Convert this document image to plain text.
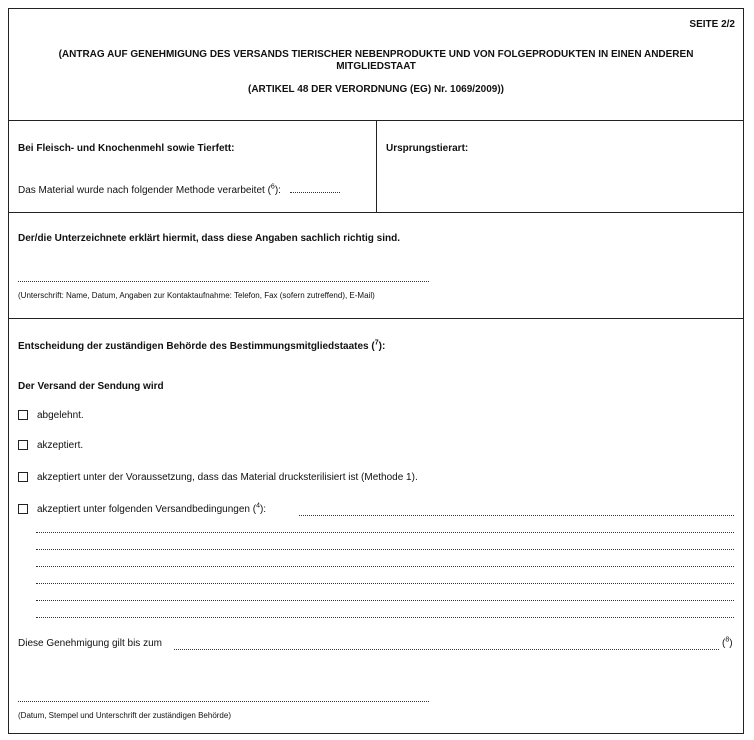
SEITE 2/2
(ANTRAG AUF GENEHMIGUNG DES VERSANDS TIERISCHER NEBENPRODUKTE UND VON FOLGEPRODUKTEN IN EINEN ANDEREN
MITGLIEDSTAAT
(ARTIKEL 48 DER VERORDNUNG (EG) Nr. 1069/2009))
Bei Fleisch- und Knochenmehl sowie Tierfett:
Das Material wurde nach folgender Methode verarbeitet ($^6$):
Ursprungstierart:
Der/die Unterzeichnete erklärt hiermit, dass diese Angaben sachlich richtig sind.
(Unterschrift: Name, Datum, Angaben zur Kontaktaufnahme: Telefon, Fax (sofern zutreffend), E-Mail)
Entscheidung der zuständigen Behörde des Bestimmungsmitgliedstaates ($^7$):
Der Versand der Sendung wird
abgelehnt.
akzeptiert.
akzeptiert unter der Voraussetzung, dass das Material drucksterilisiert ist (Methode 1).
akzeptiert unter folgenden Versandbedingungen ($^4$):
Diese Genehmigung gilt bis zum	($^8$)
(Datum, Stempel und Unterschrift der zuständigen Behörde)
